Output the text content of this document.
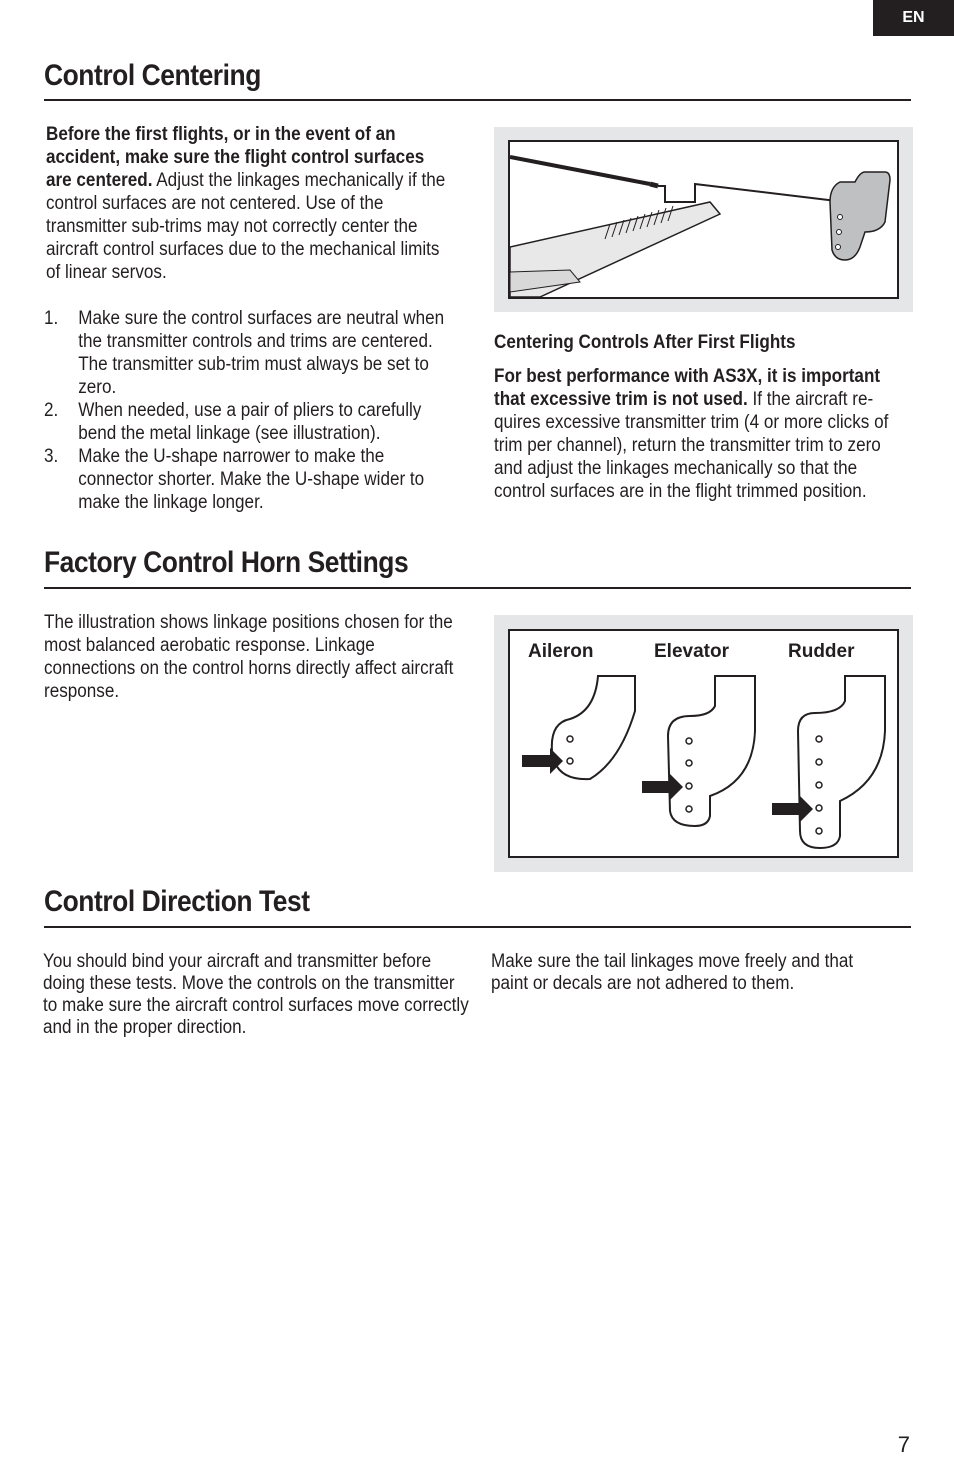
EN
Control Centering

Before the first flights, or in the event of an accident, make sure the flight control surfaces are centered. Adjust the linkages mechanically if the control surfaces are not centered. Use of the transmitter sub-trims may not correctly center the aircraft control surfaces due to the mechanical limits of linear servos.

1. Make sure the control surfaces are neutral when the transmitter controls and trims are centered. The transmitter sub-trim must always be set to zero.
2. When needed, use a pair of pliers to carefully bend the metal linkage (see illustration).
3. Make the U-shape narrower to make the connector shorter. Make the U-shape wider to make the linkage longer.

Centering Controls After First Flights

For best performance with AS3X, it is important that excessive trim is not used. If the aircraft re-quires excessive transmitter trim (4 or more clicks of trim per channel), return the transmitter trim to zero and adjust the linkages mechanically so that the control surfaces are in the flight trimmed position.

Factory Control Horn Settings

The illustration shows linkage positions chosen for the most balanced aerobatic response. Linkage connections on the control horns directly affect aircraft response.

Aileron	Elevator	Rudder

Control Direction Test

You should bind your aircraft and transmitter before doing these tests. Move the controls on the transmitter to make sure the aircraft control surfaces move correctly and in the proper direction.

Make sure the tail linkages move freely and that paint or decals are not adhered to them.

7
